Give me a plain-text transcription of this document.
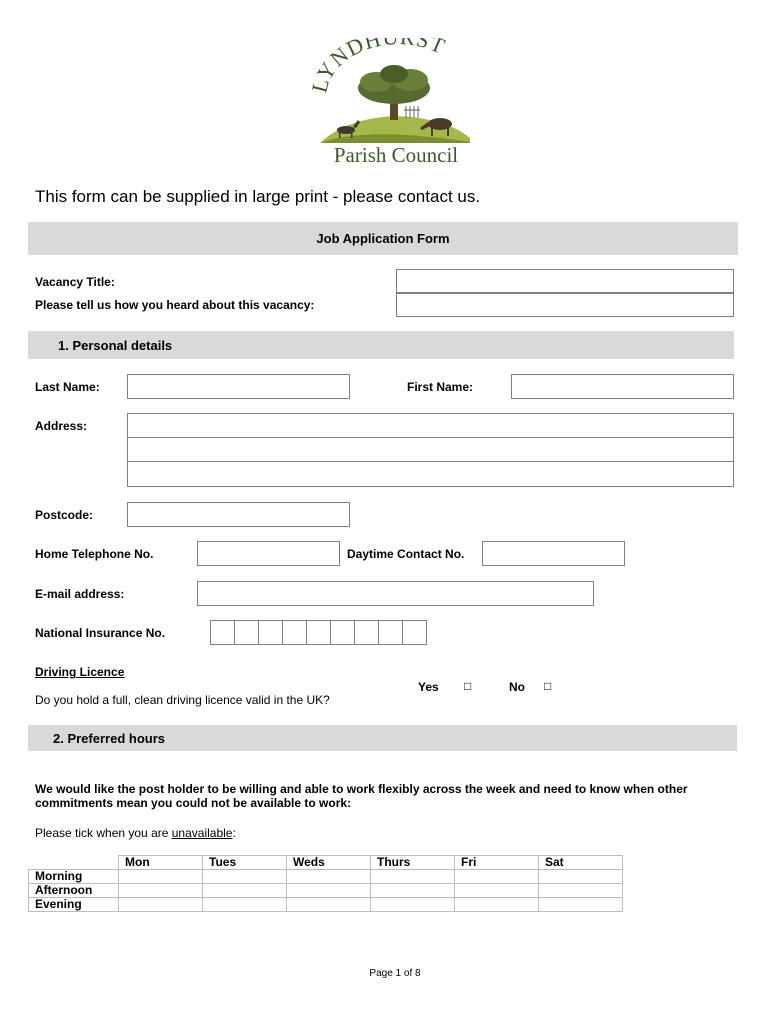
LYNDH ST
Parish Council
This form can be supplied in large print - please contact us.
Job Application Form
Vacancy Title:
Please tell us how you heard about this vacancy:
1. Personal details
Last Name:	First Name:
Address:
Postcode:
Home Telephone No.	Daytime Contact No.
E-mail address:
National Insurance No.
Driving Licence
Do you hold a full, clean driving licence valid in the UK?
Yes □	No □
2. Preferred hours
We would like the post holder to be willing and able to work flexibly across the week and need to know when other commitments mean you could not be available to work:
Please tick when you are unavailable:
	Mon	Tues	Weds	Thurs	Fri	Sat
Morning						
Afternoon						
Evening						
Page 1 of 8
